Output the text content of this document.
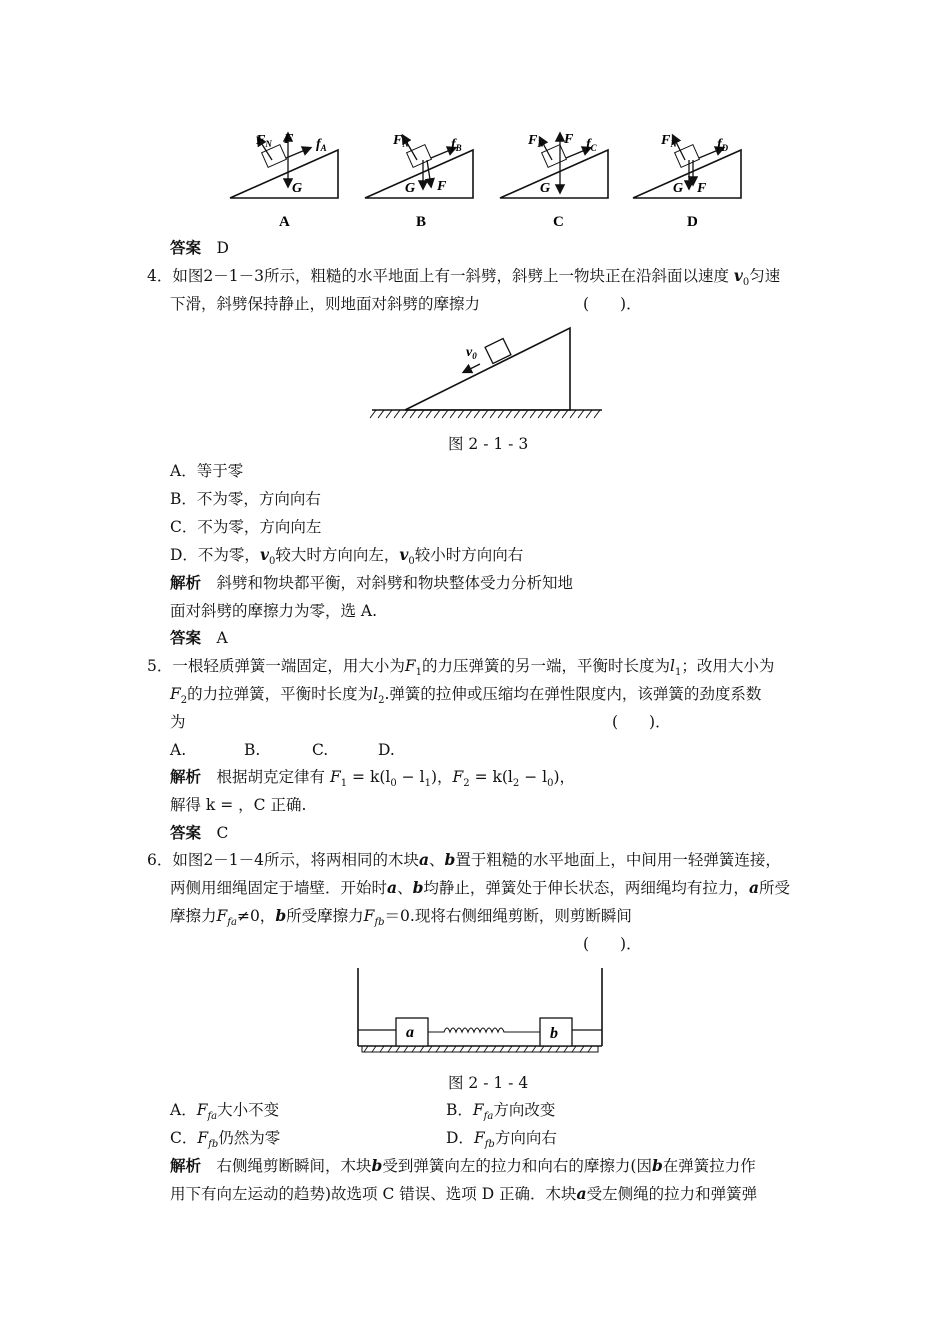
$F_N$ F $f_A$
G
A
$F_N$	$f_B$
G F
B
$F_N$ F $f_C$
G
C
$F_N$	$f_D$
G F
D
答案　 D
4．如图2－1－3所示，粗糙的水平地面上有一斜劈，斜劈上一物块正在沿斜面以速度 $v_0$匀速
下滑，斜劈保持静止，则地面对斜劈的摩擦力	(　　)．
$v_0$
图 2 - 1 - 3
A．等于零
B．不为零，方向向右
C．不为零，方向向左
D．不为零，$v_0$较大时方向向左，$v_0$较小时方向向右
解析　 斜劈和物块都平衡，对斜劈和物块整体受力分析知地
面对斜劈的摩擦力为零，选 A.
答案　 A
5．一根轻质弹簧一端固定，用大小为$F_1$的力压弹簧的另一端，平衡时长度为$l_1$；改用大小为
$F_2$的力拉弹簧，平衡时长度为$l_2$.弹簧的拉伸或压缩均在弹性限度内，该弹簧的劲度系数
为	(　　)．
A.	B.	C.	D.
解析　 根据胡克定律有 $F_1 = k(l_0 - l_1)$，$F_2 = k(l_2 - l_0)$，
解得 k = ，C 正确.
答案　 C
6．如图2－1－4所示，将两相同的木块a、b置于粗糙的水平地面上，中间用一轻弹簧连接，
两侧用细绳固定于墙壁．开始时a、b均静止，弹簧处于伸长状态，两细绳均有拉力，a所受
摩擦力$F_{fa}\ne 0$，b所受摩擦力$F_{fb}=0$.现将右侧细绳剪断，则剪断瞬间
(　　)．
a	b
图 2 - 1 - 4
A．$F_{fa}$大小不变	B．$F_{fa}$方向改变
C．$F_{fb}$仍然为零	D．$F_{fb}$方向向右
解析　 右侧绳剪断瞬间，木块b受到弹簧向左的拉力和向右的摩擦力(因b在弹簧拉力作
用下有向左运动的趋势)故选项 C 错误、选项 D 正确．木块a受左侧绳的拉力和弹簧弹
